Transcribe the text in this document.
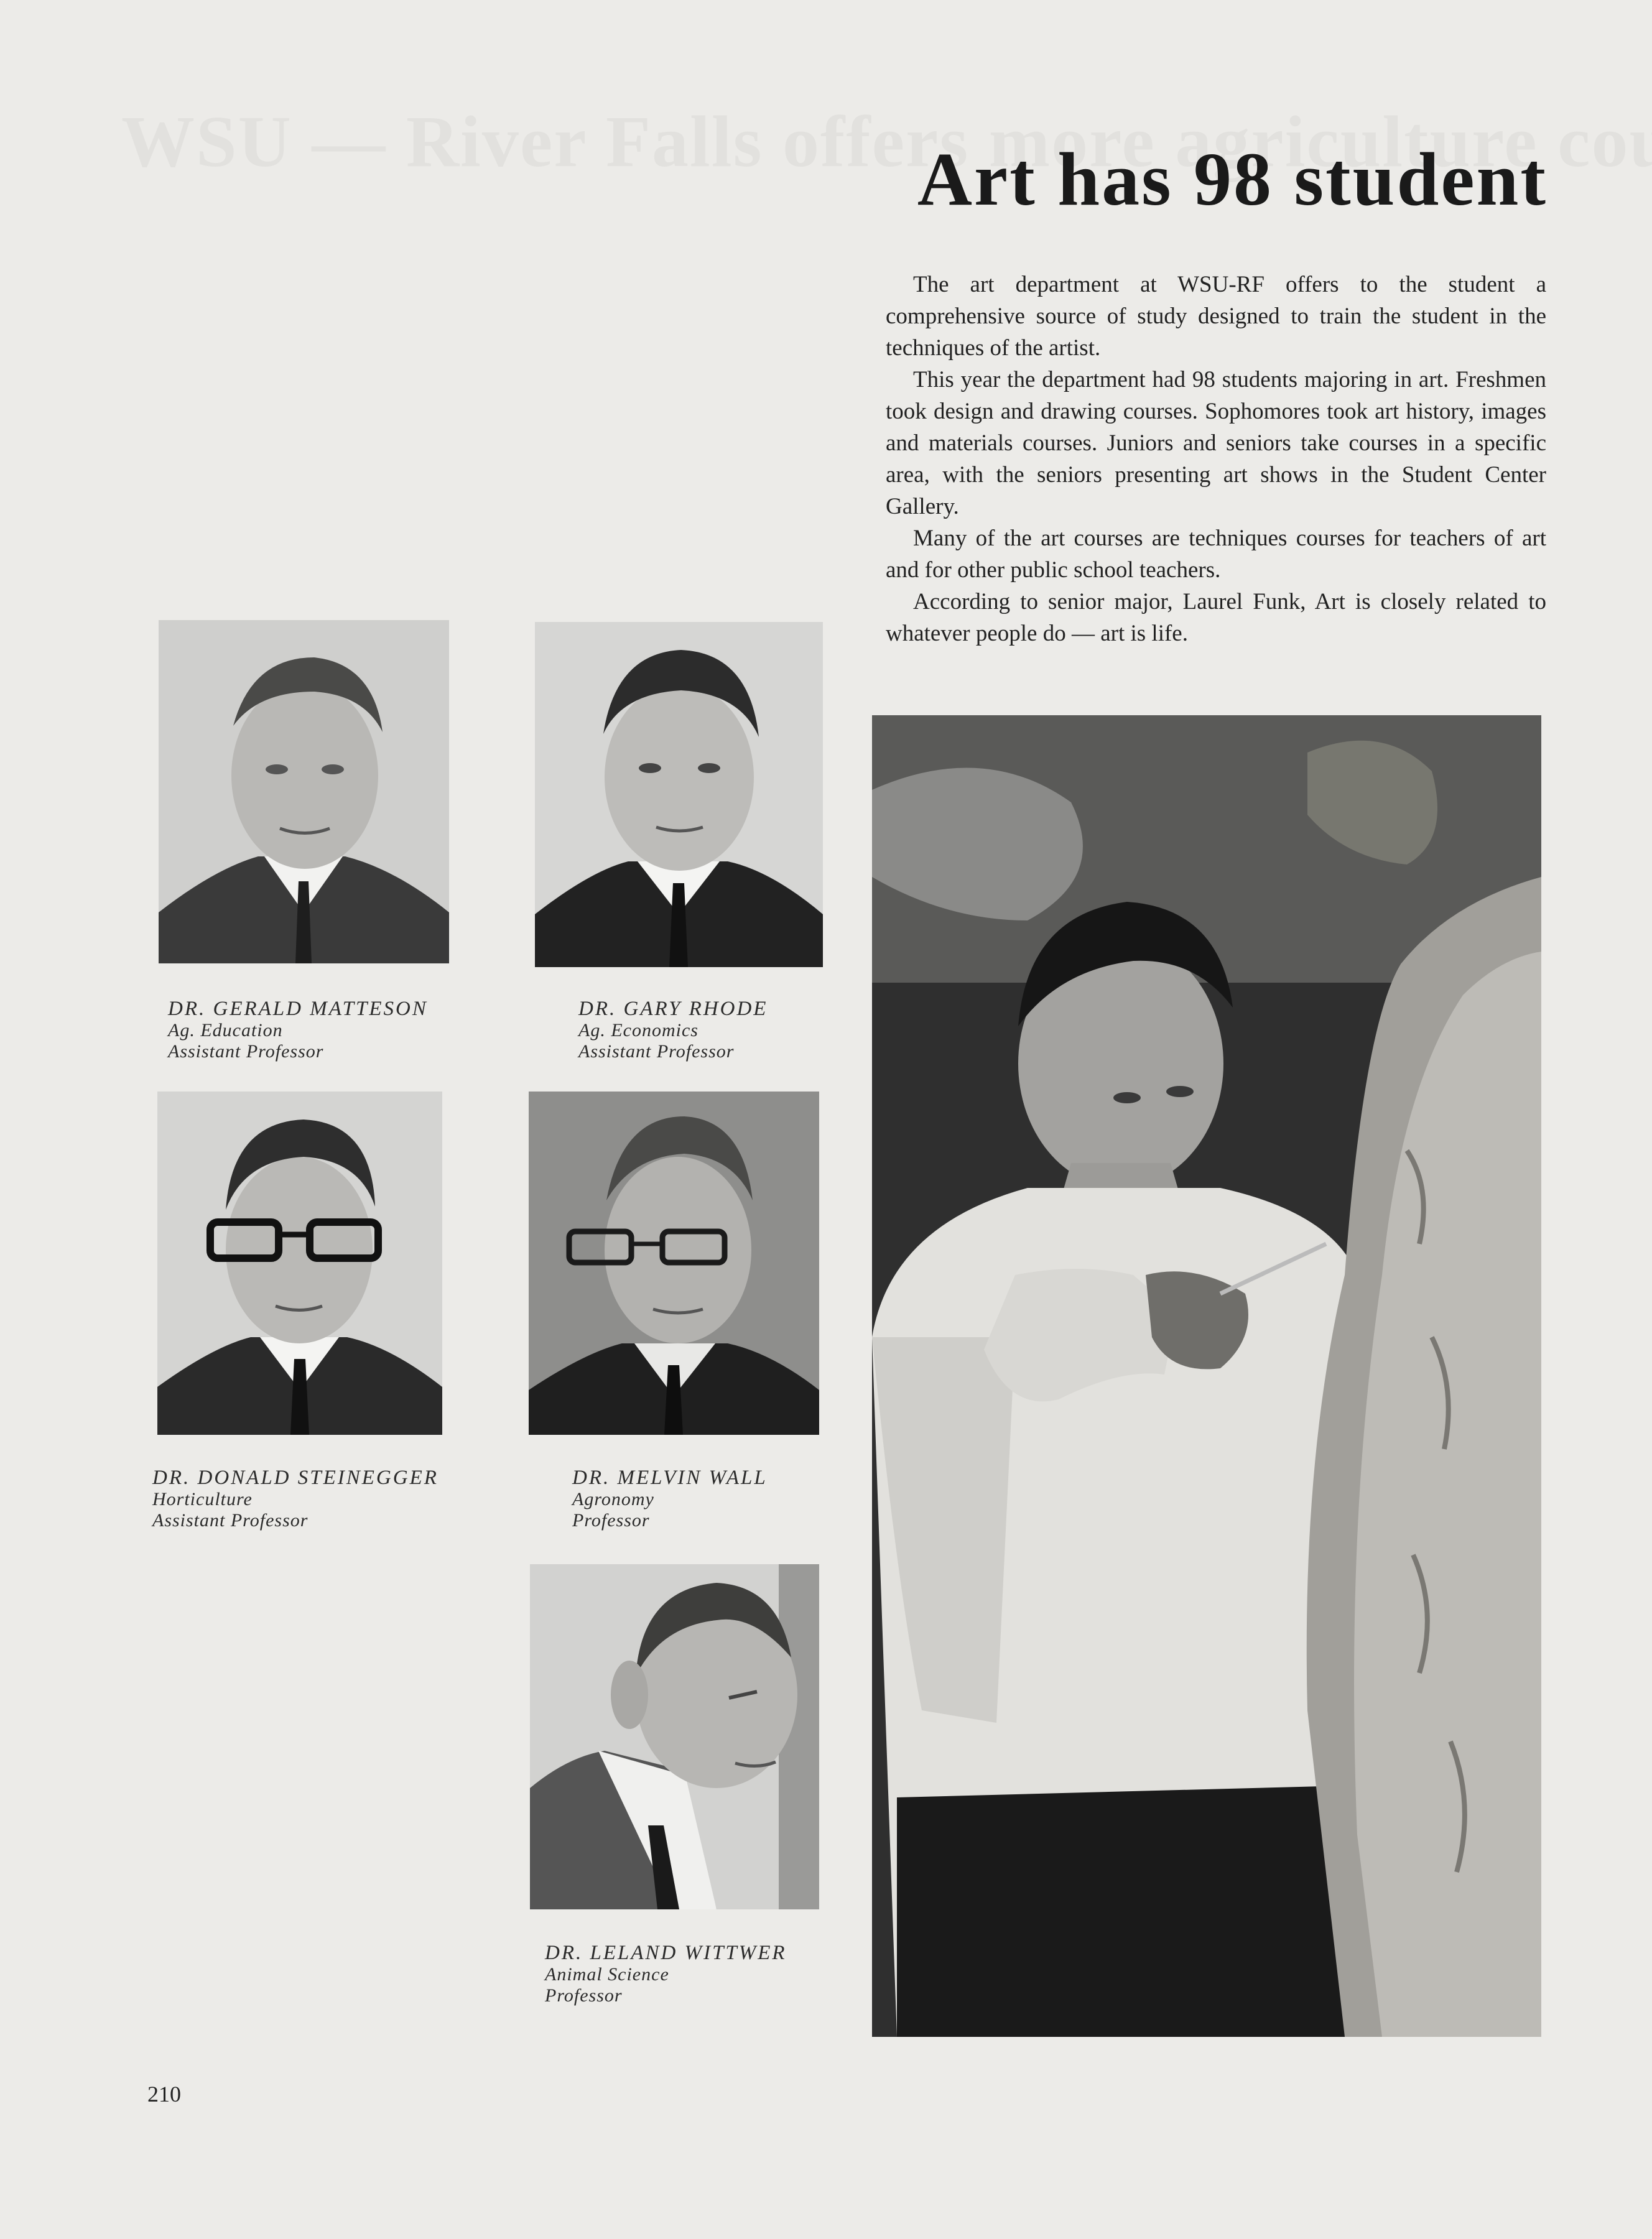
Art has 98 student

The art department at WSU-RF offers to the student a comprehensive source of study designed to train the student in the techniques of the artist.

This year the department had 98 students majoring in art. Freshmen took design and drawing courses. Sophomores took art history, images and materials courses. Juniors and seniors take courses in a specific area, with the seniors presenting art shows in the Student Center Gallery.

Many of the art courses are techniques courses for teachers of art and for other public school teachers.

According to senior major, Laurel Funk, Art is closely related to whatever people do — art is life.

DR. GERALD MATTESON
Ag. Education
Assistant Professor
DR. GARY RHODE
Ag. Economics
Assistant Professor
DR. DONALD STEINEGGER
Horticulture
Assistant Professor
DR. MELVIN WALL
Agronomy
Professor
DR. LELAND WITTWER
Animal Science
Professor
210
